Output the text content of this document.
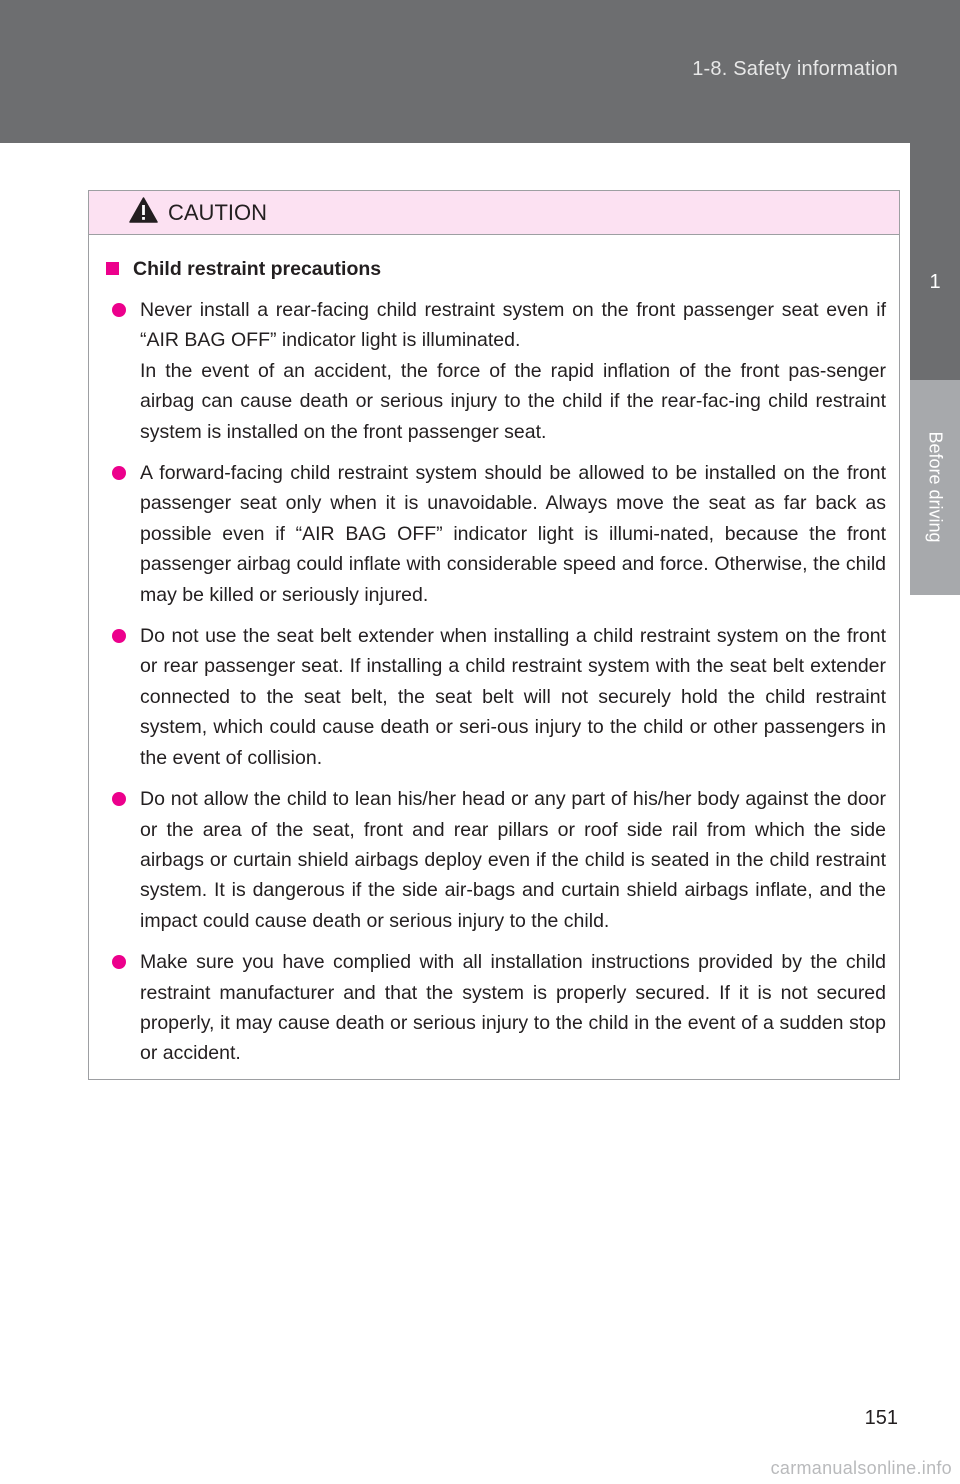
1-8. Safety information
1
Before driving
CAUTION
Child restraint precautions
Never install a rear-facing child restraint system on the front passenger seat even if “AIR BAG OFF” indicator light is illuminated.
In the event of an accident, the force of the rapid inflation of the front pas-senger airbag can cause death or serious injury to the child if the rear-fac-ing child restraint system is installed on the front passenger seat.
A forward-facing child restraint system should be allowed to be installed on the front passenger seat only when it is unavoidable. Always move the seat as far back as possible even if “AIR BAG OFF” indicator light is illumi-nated, because the front passenger airbag could inflate with considerable speed and force. Otherwise, the child may be killed or seriously injured.
Do not use the seat belt extender when installing a child restraint system on the front or rear passenger seat. If installing a child restraint system with the seat belt extender connected to the seat belt, the seat belt will not securely hold the child restraint system, which could cause death or seri-ous injury to the child or other passengers in the event of collision.
Do not allow the child to lean his/her head or any part of his/her body against the door or the area of the seat, front and rear pillars or roof side rail from which the side airbags or curtain shield airbags deploy even if the child is seated in the child restraint system. It is dangerous if the side air-bags and curtain shield airbags inflate, and the impact could cause death or serious injury to the child.
Make sure you have complied with all installation instructions provided by the child restraint manufacturer and that the system is properly secured. If it is not secured properly, it may cause death or serious injury to the child in the event of a sudden stop or accident.
151
carmanualsonline.info
